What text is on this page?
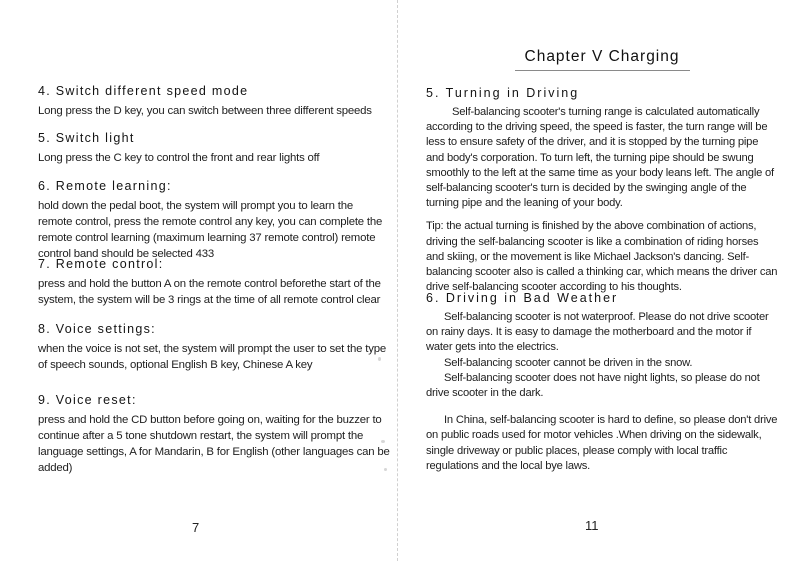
4. Switch different speed mode

Long press the D key, you can switch between three different speeds

5. Switch light

Long press the C key to control the front and rear lights off

6. Remote learning:

hold down the pedal boot, the system will prompt you to learn the remote control, press the remote control any key, you can complete the remote control learning (maximum learning 37 remote control) remote control band should be selected 433

7. Remote control:

press and hold the button A on the remote control beforethe start of the system, the system will be 3 rings at the time of all remote control clear

8. Voice settings:

when the voice is not set, the system will prompt the user to set the type of speech sounds, optional English B key, Chinese A key

9. Voice reset:

press and hold the CD button before going on, waiting for the buzzer to continue after a 5 tone shutdown restart, the system will prompt the language settings, A for Mandarin, B for English (other languages can be added)

7
Chapter V Charging
5. Turning in Driving

Self-balancing scooter's turning range is calculated automatically according to the driving speed, the speed is faster, the turn range will be less to ensure safety of the driver, and it is stopped by the turning pipe and body's corporation. To turn left, the turning pipe should be swung smoothly to the left at the same time as your body leans left. The angle of self-balancing scooter's turn is decided by the swinging angle of the turning pipe and the leaning of your body.

Tip: the actual turning is finished by the above combination of actions, driving the self-balancing scooter is like a combination of riding horses and skiing, or the movement is like Michael Jackson's dancing. Self-balancing scooter also is called a thinking car, which means the driver can drive self-balancing scooter according to his thoughts.

6. Driving in Bad Weather

Self-balancing scooter is not waterproof. Please do not drive scooter on rainy days. It is easy to damage the motherboard and the motor if water gets into the electrics.

Self-balancing scooter cannot be driven in the snow.

Self-balancing scooter does not have night lights, so please do not drive scooter in the dark.

In China, self-balancing scooter is hard to define, so please don't drive on public roads used for motor vehicles .When driving on the sidewalk, single driveway or public places, please comply with local traffic regulations and the local bye laws.

11
